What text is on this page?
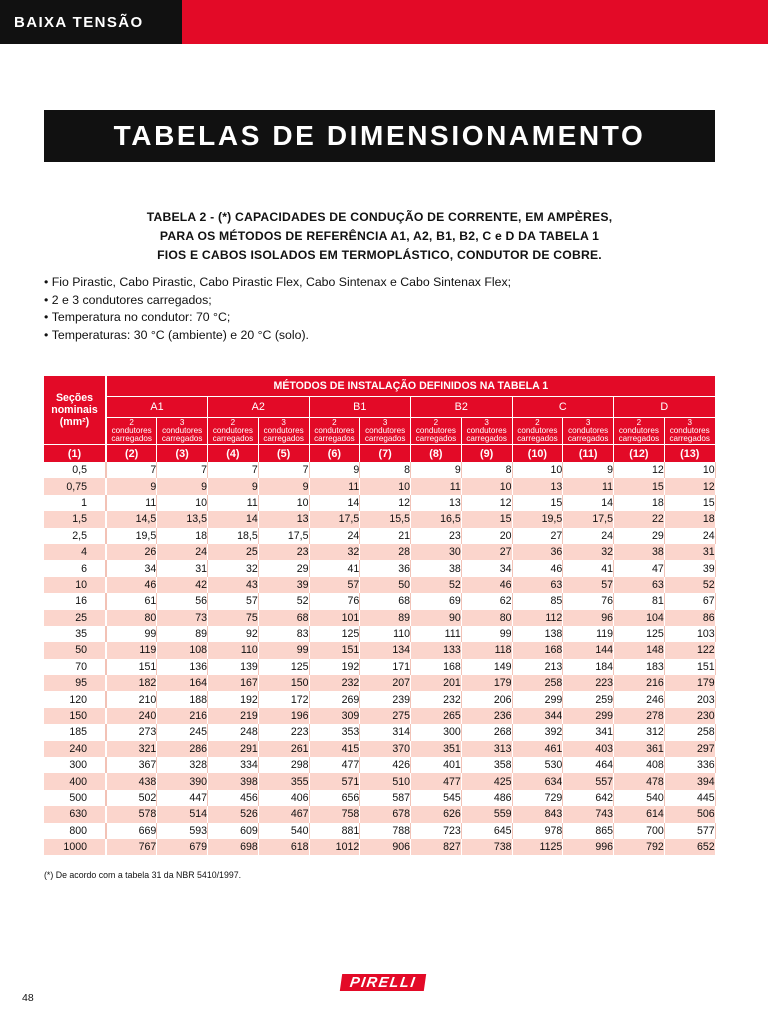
BAIXA TENSÃO
TABELAS DE DIMENSIONAMENTO
TABELA 2 - (*) CAPACIDADES DE CONDUÇÃO DE CORRENTE, EM AMPÈRES,
PARA OS MÉTODOS DE REFERÊNCIA A1, A2, B1, B2, C e D DA TABELA 1
FIOS E CABOS ISOLADOS EM TERMOPLÁSTICO, CONDUTOR DE COBRE.
• Fio Pirastic, Cabo Pirastic, Cabo Pirastic Flex, Cabo Sintenax e Cabo Sintenax Flex;
• 2 e 3 condutores carregados;
• Temperatura no condutor: 70 °C;
• Temperaturas: 30 °C (ambiente) e 20 °C (solo).
Seções
nominais
(mm²)	MÉTODOS DE INSTALAÇÃO DEFINIDOS NA TABELA 1											
	A1		A2		B1		B2		C		D	
	2
condutores
carregados	3
condutores
carregados	2
condutores
carregados	3
condutores
carregados	2
condutores
carregados	3
condutores
carregados	2
condutores
carregados	3
condutores
carregados	2
condutores
carregados	3
condutores
carregados	2
condutores
carregados	3
condutores
carregados
(1)	(2)	(3)	(4)	(5)	(6)	(7)	(8)	(9)	(10)	(11)	(12)	(13)
0,5	7	7	7	7	9	8	9	8	10	9	12	10
0,75	9	9	9	9	11	10	11	10	13	11	15	12
1	11	10	11	10	14	12	13	12	15	14	18	15
1,5	14,5	13,5	14	13	17,5	15,5	16,5	15	19,5	17,5	22	18
2,5	19,5	18	18,5	17,5	24	21	23	20	27	24	29	24
4	26	24	25	23	32	28	30	27	36	32	38	31
6	34	31	32	29	41	36	38	34	46	41	47	39
10	46	42	43	39	57	50	52	46	63	57	63	52
16	61	56	57	52	76	68	69	62	85	76	81	67
25	80	73	75	68	101	89	90	80	112	96	104	86
35	99	89	92	83	125	110	111	99	138	119	125	103
50	119	108	110	99	151	134	133	118	168	144	148	122
70	151	136	139	125	192	171	168	149	213	184	183	151
95	182	164	167	150	232	207	201	179	258	223	216	179
120	210	188	192	172	269	239	232	206	299	259	246	203
150	240	216	219	196	309	275	265	236	344	299	278	230
185	273	245	248	223	353	314	300	268	392	341	312	258
240	321	286	291	261	415	370	351	313	461	403	361	297
300	367	328	334	298	477	426	401	358	530	464	408	336
400	438	390	398	355	571	510	477	425	634	557	478	394
500	502	447	456	406	656	587	545	486	729	642	540	445
630	578	514	526	467	758	678	626	559	843	743	614	506
800	669	593	609	540	881	788	723	645	978	865	700	577
1000	767	679	698	618	1012	906	827	738	1125	996	792	652
(*) De acordo com a tabela 31 da NBR 5410/1997.
PIRELLI
48
